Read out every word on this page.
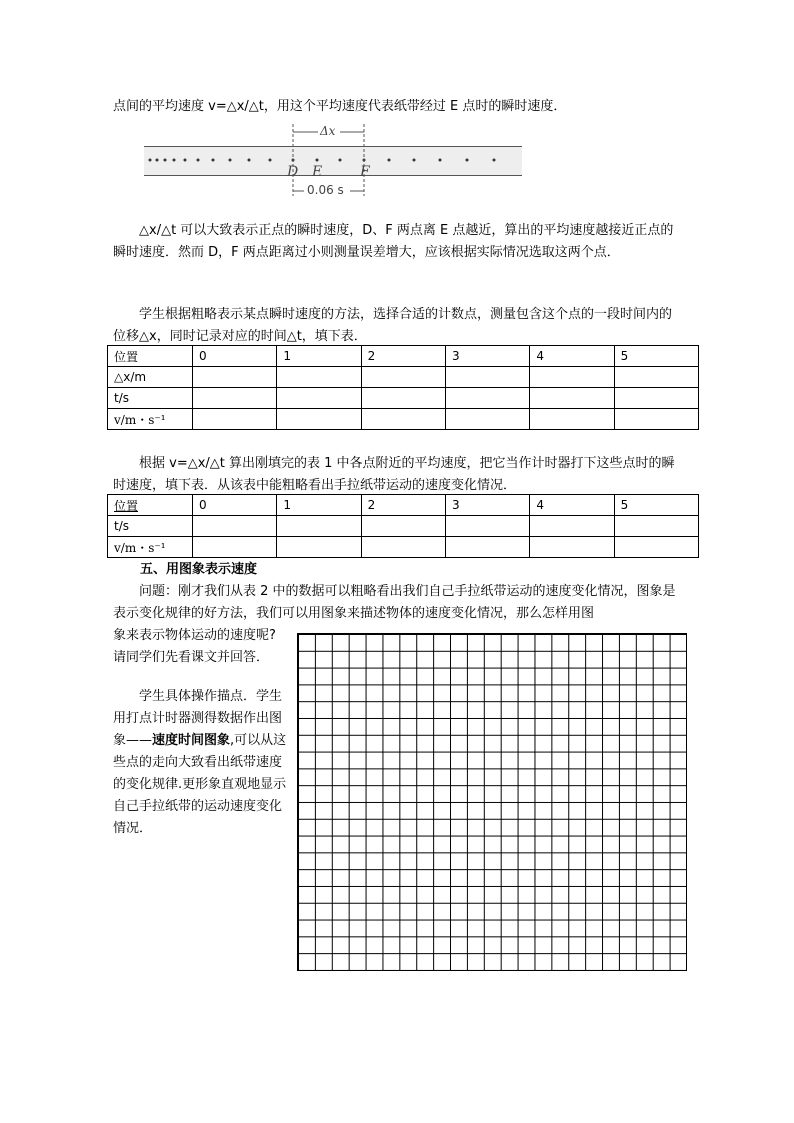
点间的平均速度 v=△x/△t，用这个平均速度代表纸带经过 E 点时的瞬时速度．

Δx
D E	F
0.06 s

△x/△t 可以大致表示正点的瞬时速度，D、F 两点离 E 点越近，算出的平均速度越接近正点的瞬时速度．然而 D，F 两点距离过小则测量误差增大，应该根据实际情况选取这两个点．

学生根据粗略表示某点瞬时速度的方法，选择合适的计数点，测量包含这个点的一段时间内的位移△x，同时记录对应的时间△t，填下表．

位置	0	1	2	3	4	5
△x/m						
t/s						
v/m・s⁻¹						

根据 v=△x/△t 算出刚填完的表 1 中各点附近的平均速度，把它当作计时器打下这些点时的瞬时速度，填下表．从该表中能粗略看出手拉纸带运动的速度变化情况．

位置	0	1	2	3	4	5
t/s						
v/m・s⁻¹						

五、用图象表示速度

问题：刚才我们从表 2 中的数据可以粗略看出我们自己手拉纸带运动的速度变化情况，图象是表示变化规律的好方法，我们可以用图象来描述物体的速度变化情况，那么怎样用图

象来表示物体运动的速度呢?请同学们先看课文并回答．

学生具体操作描点．学生用打点计时器测得数据作出图象——速度时间图象,可以从这些点的走向大致看出纸带速度的变化规律.更形象直观地显示自己手拉纸带的运动速度变化情况．
